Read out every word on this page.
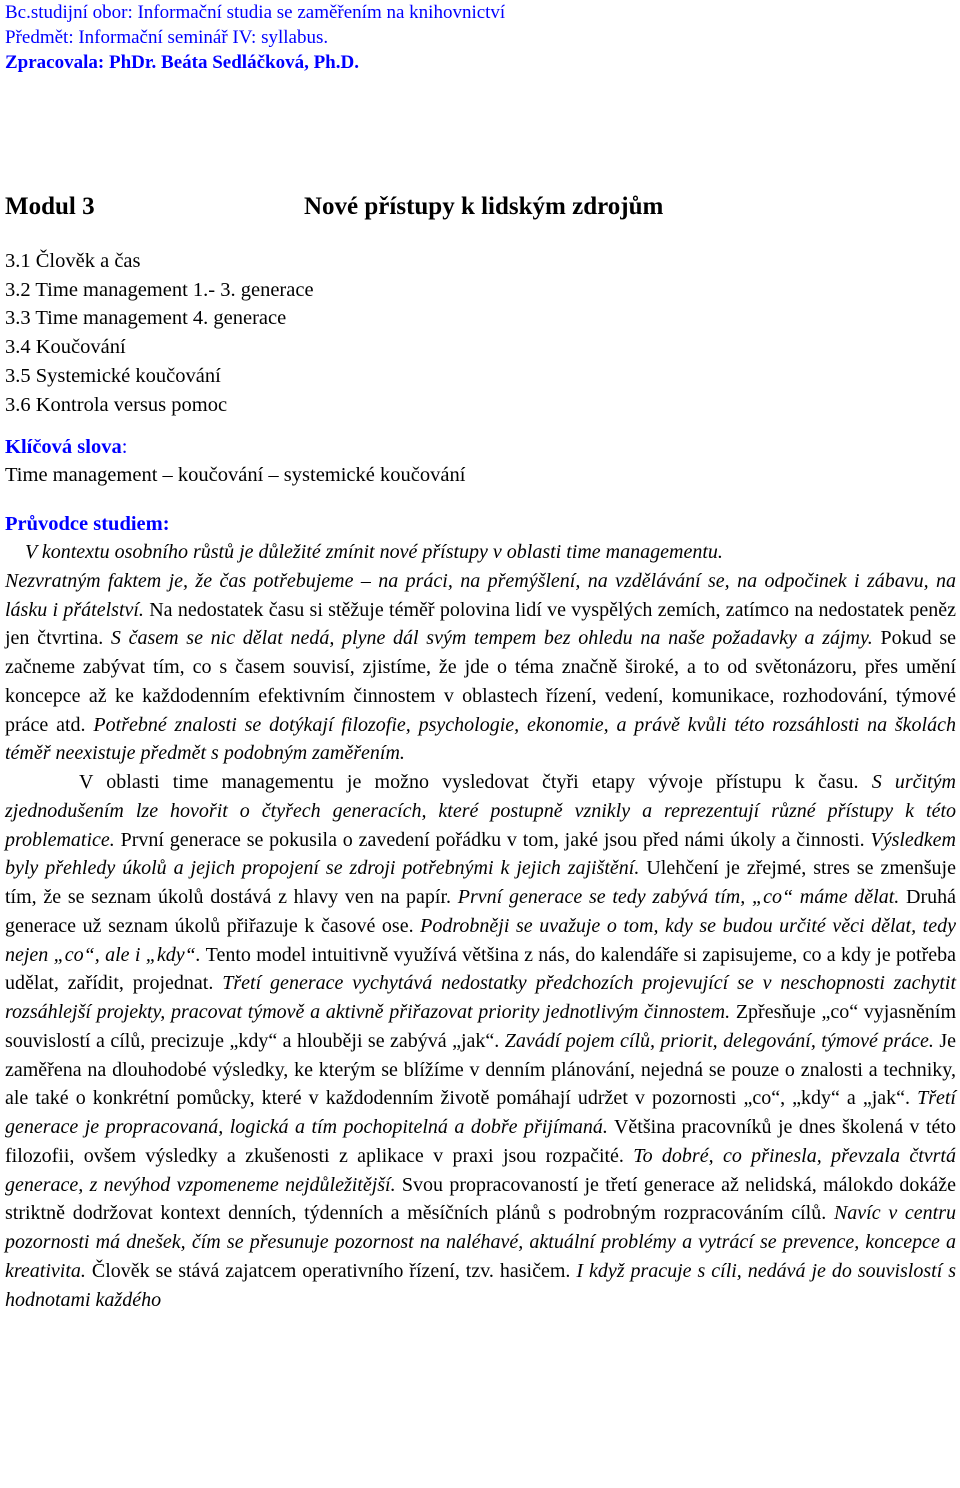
Bc.studijní obor: Informační studia se zaměřením na knihovnictví
Předmět: Informační seminář IV: syllabus.
Zpracovala: PhDr. Beáta Sedláčková, Ph.D.
Modul 3	Nové přístupy k lidským zdrojům
3.1 Člověk a čas
3.2 Time management 1.- 3. generace
3.3 Time management 4. generace
3.4 Koučování
3.5 Systemické koučování
3.6 Kontrola versus pomoc
Klíčová slova:
Time management – koučování – systemické koučování
Průvodce studiem:

V kontextu osobního růstů je důležité zmínit nové přístupy v oblasti time managementu.
Nezvratným faktem je, že čas potřebujeme – na práci, na přemýšlení, na vzdělávání se, na odpočinek i zábavu, na lásku i přátelství. Na nedostatek času si stěžuje téměř polovina lidí ve vyspělých zemích, zatímco na nedostatek peněz jen čtvrtina. S časem se nic dělat nedá, plyne dál svým tempem bez ohledu na naše požadavky a zájmy. Pokud se začneme zabývat tím, co s časem souvisí, zjistíme, že jde o téma značně široké, a to od světonázoru, přes umění koncepce až ke každodenním efektivním činnostem v oblastech řízení, vedení, komunikace, rozhodování, týmové práce atd. Potřebné znalosti se dotýkají filozofie, psychologie, ekonomie, a právě kvůli této rozsáhlosti na školách téměř neexistuje předmět s podobným zaměřením.

V oblasti time managementu je možno vysledovat čtyři etapy vývoje přístupu k času. S určitým zjednodušením lze hovořit o čtyřech generacích, které postupně vznikly a reprezentují různé přístupy k této problematice. První generace se pokusila o zavedení pořádku v tom, jaké jsou před námi úkoly a činnosti. Výsledkem byly přehledy úkolů a jejich propojení se zdroji potřebnými k jejich zajištění. Ulehčení je zřejmé, stres se zmenšuje tím, že se seznam úkolů dostává z hlavy ven na papír. První generace se tedy zabývá tím, „co“ máme dělat. Druhá generace už seznam úkolů přiřazuje k časové ose. Podrobněji se uvažuje o tom, kdy se budou určité věci dělat, tedy nejen „co“, ale i „kdy“. Tento model intuitivně využívá většina z nás, do kalendáře si zapisujeme, co a kdy je potřeba udělat, zařídit, projednat. Třetí generace vychytává nedostatky předchozích projevující se v neschopnosti zachytit rozsáhlejší projekty, pracovat týmově a aktivně přiřazovat priority jednotlivým činnostem. Zpřesňuje „co“ vyjasněním souvislostí a cílů, precizuje „kdy“ a hlouběji se zabývá „jak“. Zavádí pojem cílů, priorit, delegování, týmové práce. Je zaměřena na dlouhodobé výsledky, ke kterým se blížíme v denním plánování, nejedná se pouze o znalosti a techniky, ale také o konkrétní pomůcky, které v každodenním životě pomáhají udržet v pozornosti „co“, „kdy“ a „jak“. Třetí generace je propracovaná, logická a tím pochopitelná a dobře přijímaná. Většina pracovníků je dnes školená v této filozofii, ovšem výsledky a zkušenosti z aplikace v praxi jsou rozpačité. To dobré, co přinesla, převzala čtvrtá generace, z nevýhod vzpomeneme nejdůležitější. Svou propracovaností je třetí generace až nelidská, málokdo dokáže striktně dodržovat kontext denních, týdenních a měsíčních plánů s podrobným rozpracováním cílů. Navíc v centru pozornosti má dnešek, čím se přesunuje pozornost na naléhavé, aktuální problémy a vytrácí se prevence, koncepce a kreativita. Člověk se stává zajatcem operativního řízení, tzv. hasičem. I když pracuje s cíli, nedává je do souvislostí s hodnotami každého
